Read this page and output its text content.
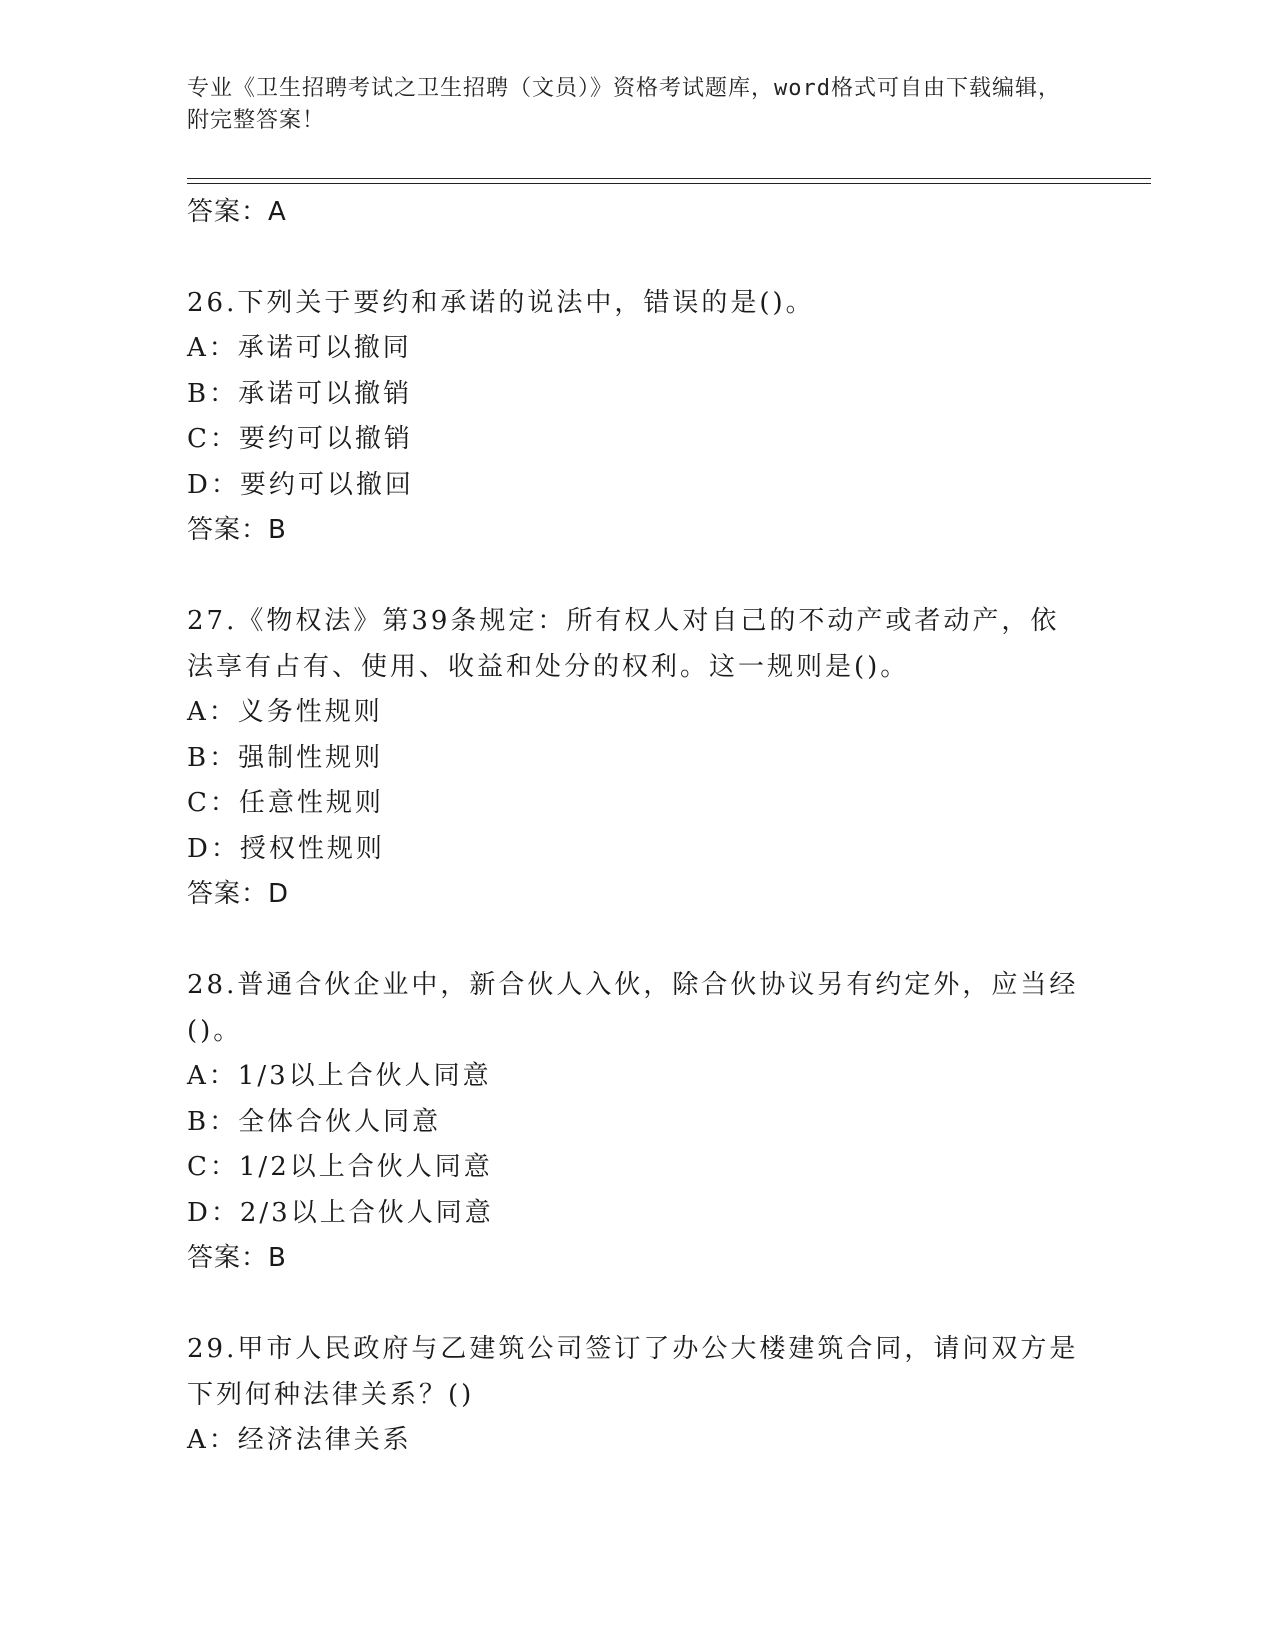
专业《卫生招聘考试之卫生招聘（文员）》资格考试题库，word格式可自由下载编辑，附完整答案！
答案：A
26.下列关于要约和承诺的说法中，错误的是()。
A：承诺可以撤同
B：承诺可以撤销
C：要约可以撤销
D：要约可以撤回
答案：B
27.《物权法》第39条规定：所有权人对自己的不动产或者动产，依法享有占有、使用、收益和处分的权利。这一规则是()。
A：义务性规则
B：强制性规则
C：任意性规则
D：授权性规则
答案：D
28.普通合伙企业中，新合伙人入伙，除合伙协议另有约定外，应当经()。
A：1/3以上合伙人同意
B：全体合伙人同意
C：1/2以上合伙人同意
D：2/3以上合伙人同意
答案：B
29.甲市人民政府与乙建筑公司签订了办公大楼建筑合同，请问双方是下列何种法律关系？()
A：经济法律关系
